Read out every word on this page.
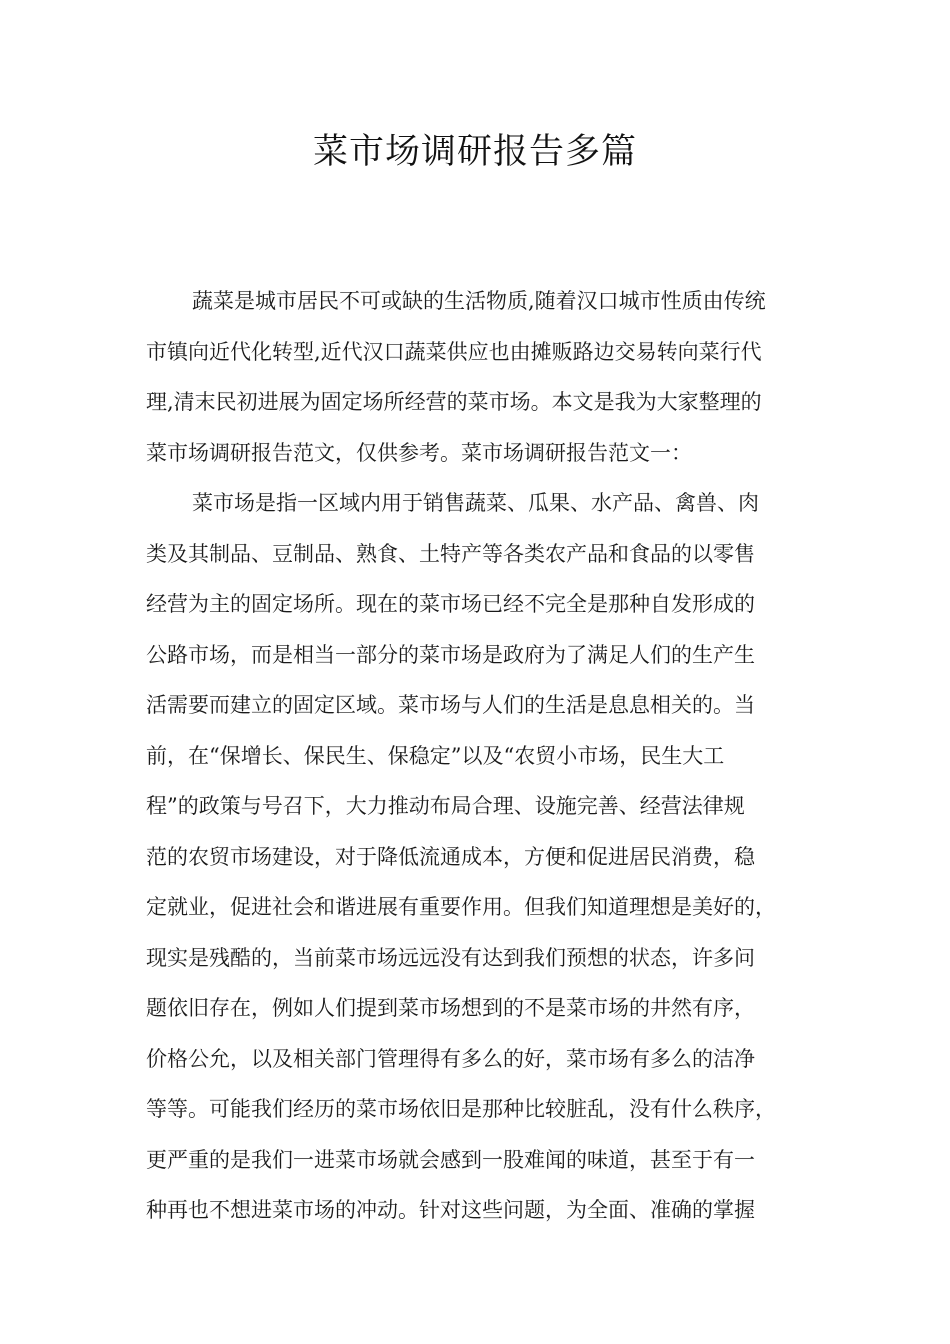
菜市场调研报告多篇
蔬菜是城市居民不可或缺的生活物质,随着汉口城市性质由传统
市镇向近代化转型,近代汉口蔬菜供应也由摊贩路边交易转向菜行代
理,清末民初进展为固定场所经营的菜市场。本文是我为大家整理的
菜市场调研报告范文，仅供参考。菜市场调研报告范文一：
菜市场是指一区域内用于销售蔬菜、瓜果、水产品、禽兽、肉
类及其制品、豆制品、熟食、土特产等各类农产品和食品的以零售
经营为主的固定场所。现在的菜市场已经不完全是那种自发形成的
公路市场，而是相当一部分的菜市场是政府为了满足人们的生产生
活需要而建立的固定区域。菜市场与人们的生活是息息相关的。当
前，在“保增长、保民生、保稳定”以及“农贸小市场，民生大工
程”的政策与号召下，大力推动布局合理、设施完善、经营法律规
范的农贸市场建设，对于降低流通成本，方便和促进居民消费，稳
定就业，促进社会和谐进展有重要作用。但我们知道理想是美好的，
现实是残酷的，当前菜市场远远没有达到我们预想的状态，许多问
题依旧存在，例如人们提到菜市场想到的不是菜市场的井然有序，
价格公允，以及相关部门管理得有多么的好，菜市场有多么的洁净
等等。可能我们经历的菜市场依旧是那种比较脏乱，没有什么秩序，
更严重的是我们一进菜市场就会感到一股难闻的味道，甚至于有一
种再也不想进菜市场的冲动。针对这些问题，为全面、准确的掌握
